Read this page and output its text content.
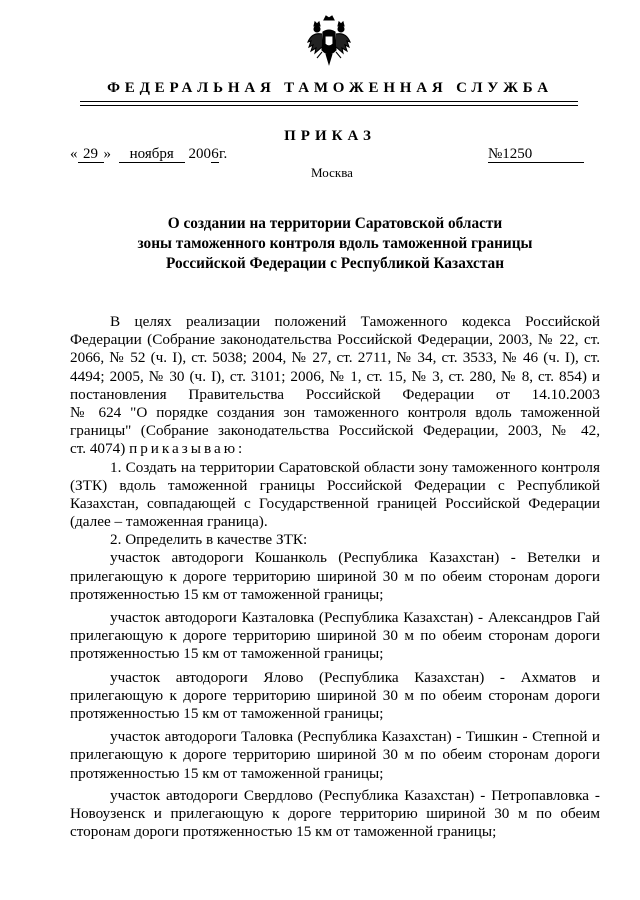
ФЕДЕРАЛЬНАЯ ТАМОЖЕННАЯ СЛУЖБА
ПРИКАЗ
« 29 » ноября 2006г.	№1250
Москва
О создании на территории Саратовской области
зоны таможенного контроля вдоль таможенной границы
Российской Федерации с Республикой Казахстан
В целях реализации положений Таможенного кодекса Российской
Федерации (Собрание законодательства Российской Федерации, 2003, № 22, ст.
2066, № 52 (ч. I), ст. 5038; 2004, № 27, ст. 2711, № 34, ст. 3533, № 46 (ч. I), ст.
4494; 2005, № 30 (ч. I), ст. 3101; 2006, № 1, ст. 15, № 3, ст. 280, № 8, ст. 854) и
постановления Правительства Российской Федерации от 14.10.2003
№ 624 "О порядке создания зон таможенного контроля вдоль таможенной
границы" (Собрание законодательства Российской Федерации, 2003, № 42,
ст. 4074) приказываю:
1. Создать на территории Саратовской области зону таможенного контроля
(ЗТК) вдоль таможенной границы Российской Федерации с Республикой
Казахстан, совпадающей с Государственной границей Российской Федерации
(далее – таможенная граница).
2. Определить в качестве ЗТК:
участок автодороги Кошанколь (Республика Казахстан) - Ветелки и
прилегающую к дороге территорию шириной 30 м по обеим сторонам дороги
протяженностью 15 км от таможенной границы;
участок автодороги Казталовка (Республика Казахстан) - Александров Гай
прилегающую к дороге территорию шириной 30 м по обеим сторонам дороги
протяженностью 15 км от таможенной границы;
участок автодороги Ялово (Республика Казахстан) - Ахматов и
прилегающую к дороге территорию шириной 30 м по обеим сторонам дороги
протяженностью 15 км от таможенной границы;
участок автодороги Таловка (Республика Казахстан) - Тишкин - Степной и
прилегающую к дороге территорию шириной 30 м по обеим сторонам дороги
протяженностью 15 км от таможенной границы;
участок автодороги Свердлово (Республика Казахстан) - Петропавловка -
Новоузенск и прилегающую к дороге территорию шириной 30 м по обеим
сторонам дороги протяженностью 15 км от таможенной границы;
